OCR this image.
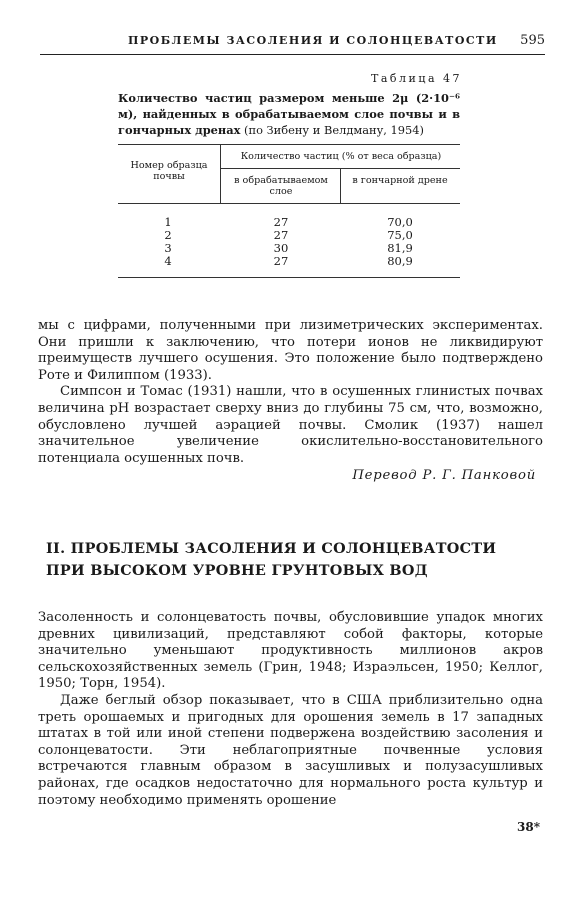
ПРОБЛЕМЫ ЗАСОЛЕНИЯ И СОЛОНЦЕВАТОСТИ 595
Таблица 47
Количество частиц размером меньше 2μ (2·10⁻⁶ м), найденных в обрабатываемом слое почвы и в гончарных дренах (по Зибену и Велдману, 1954)
Номер образца почвы
Количество частиц (% от веса образца)
в обрабатываемом слое
в гончарной дрене
1	27	70,0
2	27	75,0
3	30	81,9
4	27	80,9

мы с цифрами, полученными при лизиметрических экспериментах. Они пришли к заключению, что потери ионов не ликвидируют преимуществ лучшего осушения. Это положение было подтверждено Роте и Филиппом (1933).

Симпсон и Томас (1931) нашли, что в осушенных глинистых почвах величина pH возрастает сверху вниз до глубины 75 см, что, возможно, обусловлено лучшей аэрацией почвы. Смолик (1937) нашел значительное увеличение окислительно-восстановительного потенциала осушенных почв.

Перевод Р. Г. Панковой
II. ПРОБЛЕМЫ ЗАСОЛЕНИЯ И СОЛОНЦЕВАТОСТИ ПРИ ВЫСОКОМ УРОВНЕ ГРУНТОВЫХ ВОД

Засоленность и солонцеватость почвы, обусловившие упадок многих древних цивилизаций, представляют собой факторы, которые значительно уменьшают продуктивность миллионов акров сельскохозяйственных земель (Грин, 1948; Израэльсен, 1950; Келлог, 1950; Торн, 1954).

Даже беглый обзор показывает, что в США приблизительно одна треть орошаемых и пригодных для орошения земель в 17 западных штатах в той или иной степени подвержена воздействию засоления и солонцеватости. Эти неблагоприятные почвенные условия встречаются главным образом в засушливых и полузасушливых районах, где осадков недостаточно для нормального роста культур и поэтому необходимо применять орошение

38*
